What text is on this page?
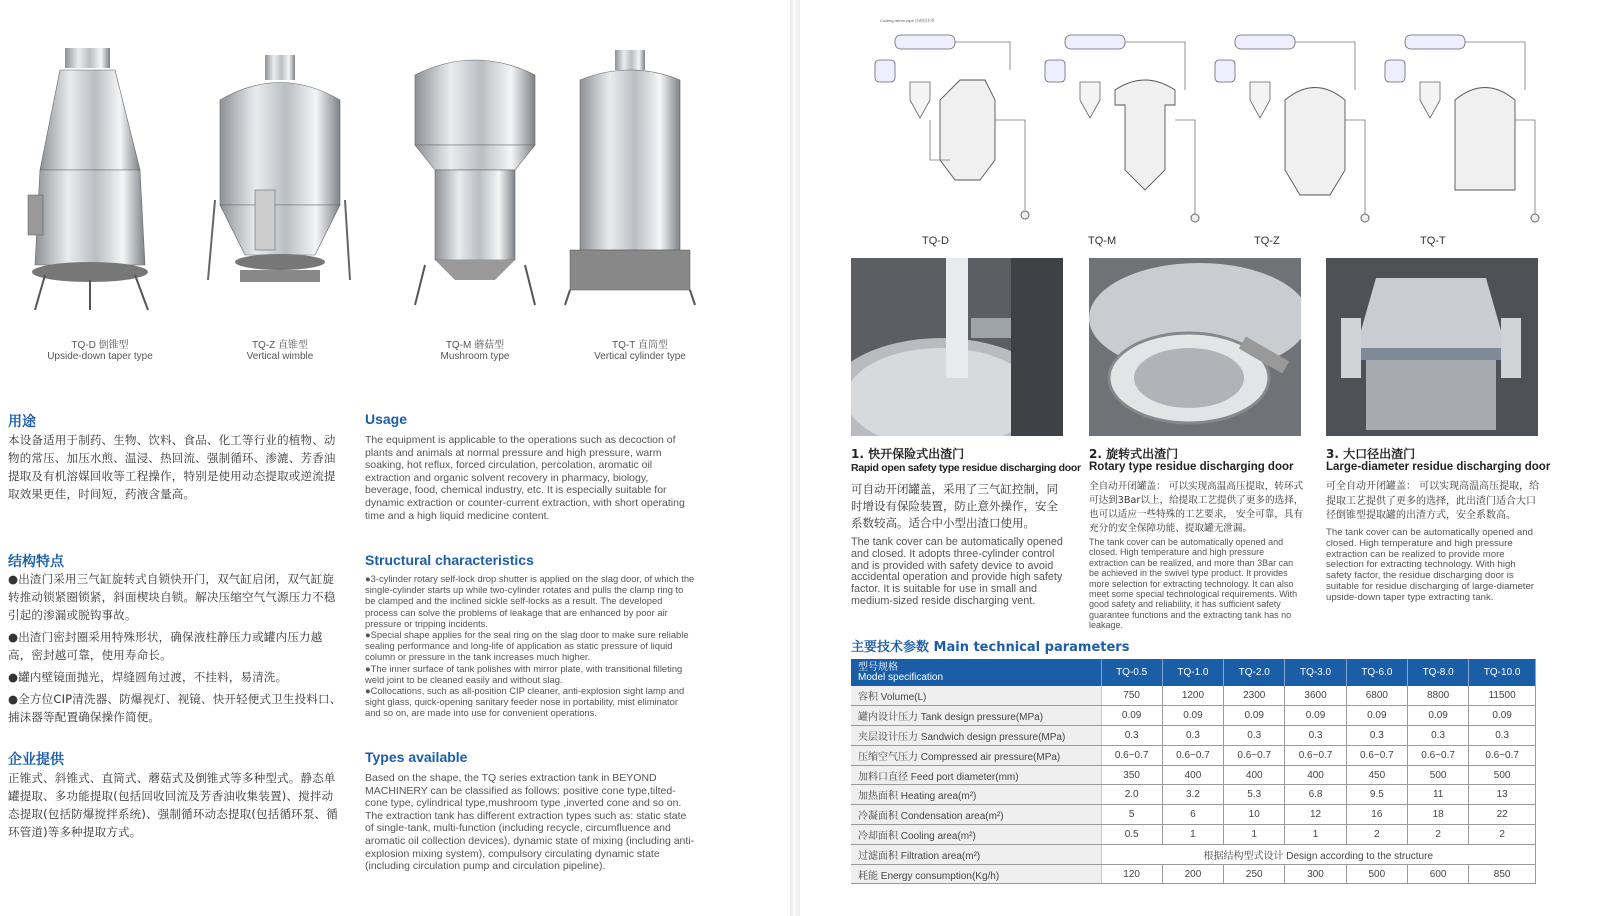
TQ-D 倒锥型
Upside-down taper type
TQ-Z 直锥型
Vertical wimble
TQ-M 蘑菇型
Mushroom type
TQ-T 直筒型
Vertical cylinder type
用途
本设备适用于制药、生物、饮料、食品、化工等行业的植物、动物的常压、加压水煎、温浸、热回流、强制循环、渗漉、芳香油提取及有机溶媒回收等工程操作，特别是使用动态提取或逆流提取效果更佳，时间短，药液含量高。
Usage
The equipment is applicable to the operations such as decoction of plants and animals at normal pressure and high pressure, warm soaking, hot reflux, forced circulation, percolation, aromatic oil extraction and organic solvent recovery in pharmacy, biology, beverage, food, chemical industry, etc. It is especially suitable for dynamic extraction or counter-current extraction, with short operating time and a high liquid medicine content.
结构特点

●出渣门采用三气缸旋转式自锁快开门，双气缸启闭，双气缸旋转推动锁紧圈锁紧，斜面楔块自锁。解决压缩空气气源压力不稳引起的渗漏或脱钩事故。

●出渣门密封圈采用特殊形状，确保液柱静压力或罐内压力越高，密封越可靠，使用寿命长。

●罐内壁镜面抛光，焊缝圆角过渡，不挂料，易清洗。

●全方位CIP清洗器、防爆视灯、视镜、快开轻便式卫生投料口、捕沫器等配置确保操作简便。

Structural characteristics

●3-cylinder rotary self-lock drop shutter is applied on the slag door, of which the single-cylinder starts up while two-cylinder rotates and pulls the clamp ring to be clamped and the inclined sickle self-locks as a result. The developed process can solve the problems of leakage that are enhanced by poor air pressure or tripping incidents.

●Special shape applies for the seal ring on the slag door to make sure reliable sealing performance and long-life of application as static pressure of liquid column or pressure in the tank increases much higher.

●The inner surface of tank polishes with mirror plate, with transitional filleting weld joint to be cleaned easily and without slag.

●Collocations, such as all-position CIP cleaner, anti-explosion sight lamp and sight glass, quick-opening sanitary feeder nose in portability, mist eliminator and so on, are made into use for convenient operations.

企业提供
正锥式、斜锥式、直筒式、蘑菇式及倒锥式等多种型式。静态单罐提取、多功能提取(包括回收回流及芳香油收集装置)、搅拌动态提取(包括防爆搅拌系统)、强制循环动态提取(包括循环泵、循环管道)等多种提取方式。
Types available
Based on the shape, the TQ series extraction tank in BEYOND MACHINERY can be classified as follows: positive cone type,tilted-cone type, cylindrical type,mushroom type ,inverted cone and so on. The extraction tank has different extraction types such as: static state of single-tank, multi-function (including recycle, circumfluence and aromatic oil collection devices), dynamic state of mixing (including anti-explosion mixing system), compulsory circulating dynamic state (including circulation pump and circulation pipeline).
Cooling return pipe 冷却回水管
TQ-D	TQ-M	TQ-Z	TQ-T
1. 快开保险式出渣门
Rapid open safety type residue discharging door
可自动开闭罐盖，采用了三气缸控制，同时增设有保险装置，防止意外操作，安全系数较高。适合中小型出渣口使用。
The tank cover can be automatically opened and closed. It adopts three-cylinder control and is provided with safety device to avoid accidental operation and provide high safety factor. It is suitable for use in small and medium-sized reside discharging vent.
2. 旋转式出渣门
Rotary type residue discharging door
全自动开闭罐盖： 可以实现高温高压提取，转环式可达到3Bar以上，给提取工艺提供了更多的选择，也可以适应一些特殊的工艺要求， 安全可靠，具有充分的安全保障功能、提取罐无泄漏。
The tank cover can be automatically opened and closed. High temperature and high pressure extraction can be realized, and more than 3Bar can be achieved in the swivel type product. It provides more selection for extracting technology. It can also meet some special technological requirements. With good safety and reliability, it has sufficient safety guarantee functions and the extracting tank has no leakage.
3. 大口径出渣门
Large-diameter residue discharging door
可全自动开闭罐盖： 可以实现高温高压提取，给提取工艺提供了更多的选择，此出渣门适合大口径倒锥型提取罐的出渣方式，安全系数高。
The tank cover can be automatically opened and closed. High temperature and high pressure extraction can be realized to provide more selection for extracting technology. With high safety factor, the residue discharging door is suitable for residue discharging of large-diameter upside-down taper type extracting tank.
主要技术参数 Main technical parameters
型号规格
Model specification	TQ-0.5	TQ-1.0	TQ-2.0	TQ-3.0	TQ-6.0	TQ-8.0	TQ-10.0
容积 Volume(L)	750	1200	2300	3600	6800	8800	11500
罐内设计压力 Tank design pressure(MPa)	0.09	0.09	0.09	0.09	0.09	0.09	0.09
夹层设计压力 Sandwich design pressure(MPa)	0.3	0.3	0.3	0.3	0.3	0.3	0.3
压缩空气压力 Compressed air pressure(MPa)	0.6~0.7	0.6~0.7	0.6~0.7	0.6~0.7	0.6~0.7	0.6~0.7	0.6~0.7
加料口直径 Feed port diameter(mm)	350	400	400	400	450	500	500
加热面积 Heating area(m²)	2.0	3.2	5.3	6.8	9.5	11	13
冷凝面积 Condensation area(m²)	5	6	10	12	16	18	22
冷却面积 Cooling area(m²)	0.5	1	1	1	2	2	2
过滤面积 Filtration area(m²)	根据结构型式设计 Design according to the structure						
耗能 Energy consumption(Kg/h)	120	200	250	300	500	600	850
